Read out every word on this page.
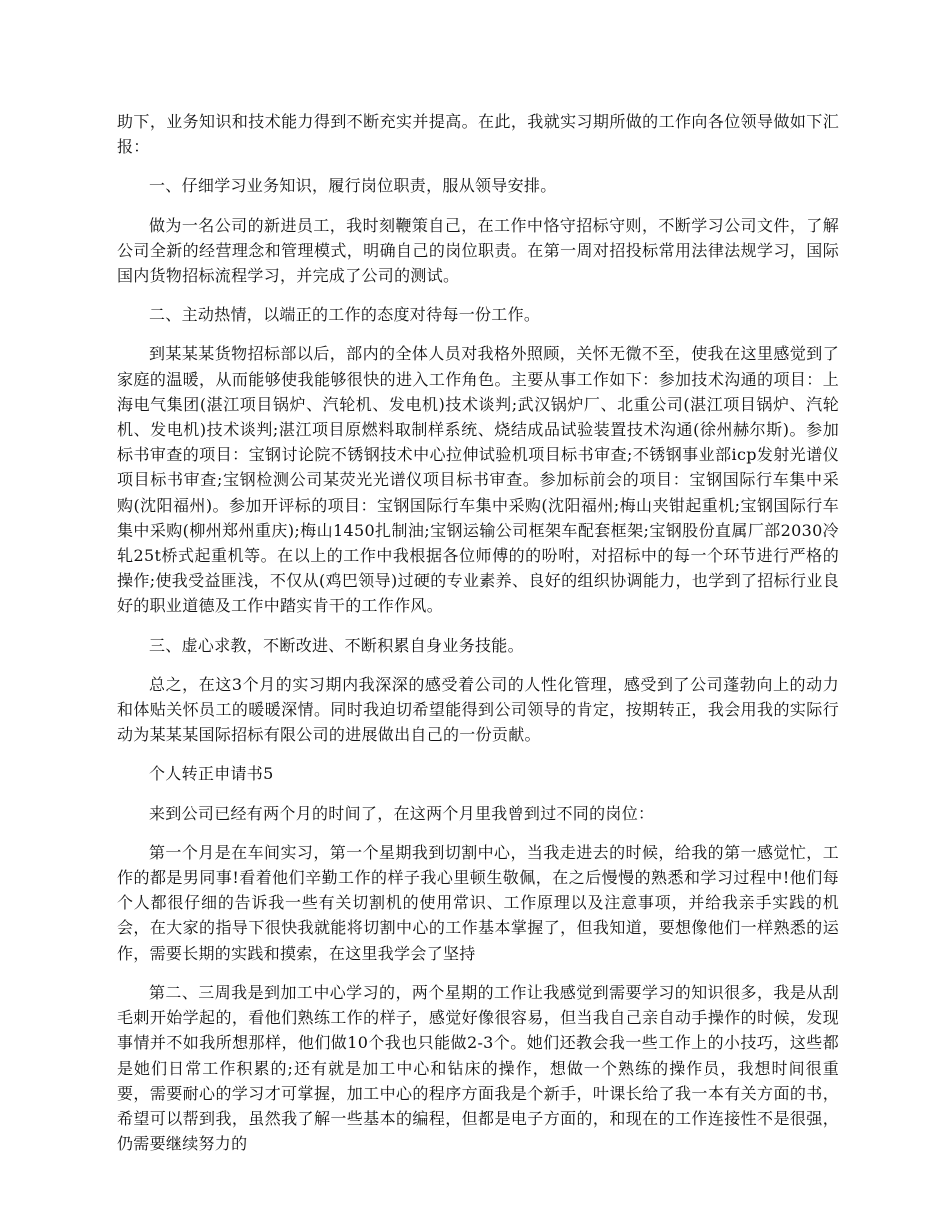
助下，业务知识和技术能力得到不断充实并提高。在此，我就实习期所做的工作向各位领导做如下汇报：

一、仔细学习业务知识，履行岗位职责，服从领导安排。

做为一名公司的新进员工，我时刻鞭策自己，在工作中恪守招标守则，不断学习公司文件，了解公司全新的经营理念和管理模式，明确自己的岗位职责。在第一周对招投标常用法律法规学习，国际国内货物招标流程学习，并完成了公司的测试。

二、主动热情，以端正的工作的态度对待每一份工作。

到某某某货物招标部以后，部内的全体人员对我格外照顾，关怀无微不至，使我在这里感觉到了家庭的温暖，从而能够使我能够很快的进入工作角色。主要从事工作如下：参加技术沟通的项目：上海电气集团(湛江项目锅炉、汽轮机、发电机)技术谈判;武汉锅炉厂、北重公司(湛江项目锅炉、汽轮机、发电机)技术谈判;湛江项目原燃料取制样系统、烧结成品试验装置技术沟通(徐州赫尔斯)。参加标书审查的项目：宝钢讨论院不锈钢技术中心拉伸试验机项目标书审查;不锈钢事业部icp发射光谱仪项目标书审查;宝钢检测公司某荧光光谱仪项目标书审查。参加标前会的项目：宝钢国际行车集中采购(沈阳福州)。参加开评标的项目：宝钢国际行车集中采购(沈阳福州;梅山夹钳起重机;宝钢国际行车集中采购(柳州郑州重庆);梅山1450扎制油;宝钢运输公司框架车配套框架;宝钢股份直属厂部2030冷轧25t桥式起重机等。在以上的工作中我根据各位师傅的的吩咐，对招标中的每一个环节进行严格的操作;使我受益匪浅，不仅从(鸡巴领导)过硬的专业素养、良好的组织协调能力，也学到了招标行业良好的职业道德及工作中踏实肯干的工作作风。

三、虚心求教，不断改进、不断积累自身业务技能。

总之，在这3个月的实习期内我深深的感受着公司的人性化管理，感受到了公司蓬勃向上的动力和体贴关怀员工的暖暖深情。同时我迫切希望能得到公司领导的肯定，按期转正，我会用我的实际行动为某某某国际招标有限公司的进展做出自己的一份贡献。

个人转正申请书5

来到公司已经有两个月的时间了，在这两个月里我曾到过不同的岗位：

第一个月是在车间实习，第一个星期我到切割中心，当我走进去的时候，给我的第一感觉忙，工作的都是男同事!看着他们辛勤工作的样子我心里顿生敬佩，在之后慢慢的熟悉和学习过程中!他们每个人都很仔细的告诉我一些有关切割机的使用常识、工作原理以及注意事项，并给我亲手实践的机会，在大家的指导下很快我就能将切割中心的工作基本掌握了，但我知道，要想像他们一样熟悉的运作，需要长期的实践和摸索，在这里我学会了坚持

第二、三周我是到加工中心学习的，两个星期的工作让我感觉到需要学习的知识很多，我是从刮毛刺开始学起的，看他们熟练工作的样子，感觉好像很容易，但当我自己亲自动手操作的时候，发现事情并不如我所想那样，他们做10个我也只能做2-3个。她们还教会我一些工作上的小技巧，这些都是她们日常工作积累的;还有就是加工中心和钻床的操作，想做一个熟练的操作员，我想时间很重要，需要耐心的学习才可掌握，加工中心的程序方面我是个新手，叶课长给了我一本有关方面的书，希望可以帮到我，虽然我了解一些基本的编程，但都是电子方面的，和现在的工作连接性不是很强，仍需要继续努力的
